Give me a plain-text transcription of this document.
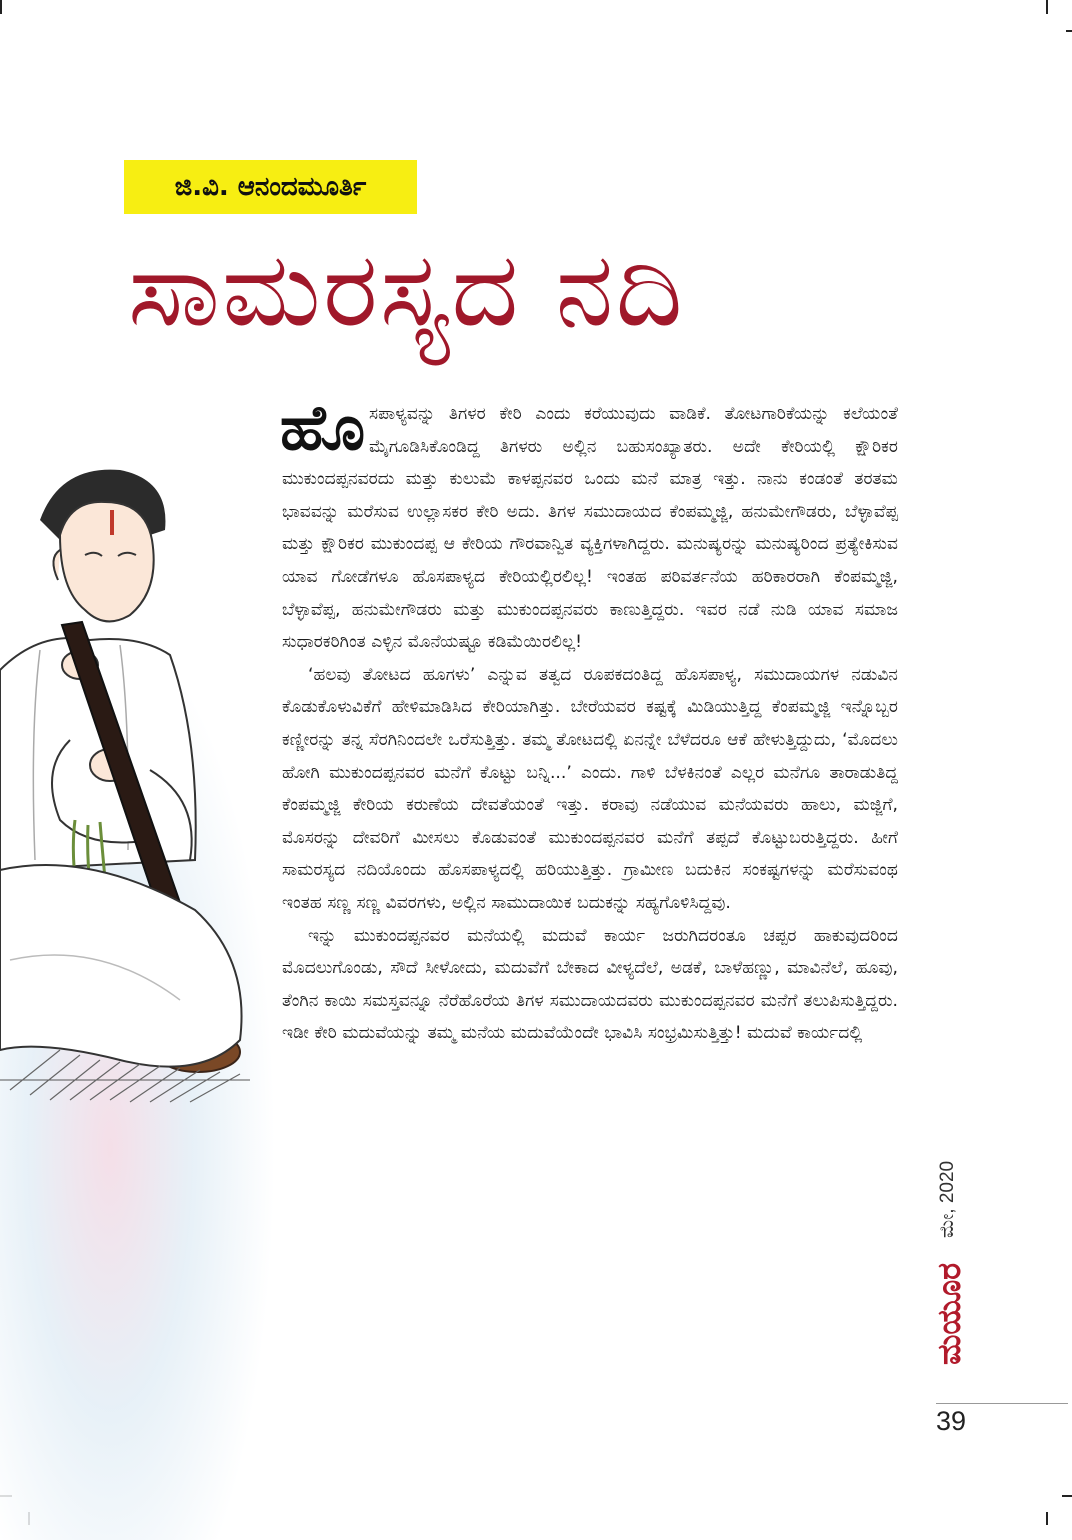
ಜಿ.ವಿ. ಆನಂದಮೂರ್ತಿ
ಸಾಮರಸ್ಯದ ನದಿ

ಹೊಸಪಾಳ್ಯವನ್ನು ತಿಗಳರ ಕೇರಿ ಎಂದು ಕರೆಯುವುದು ವಾಡಿಕೆ. ತೋಟಗಾರಿಕೆಯನ್ನು ಕಲೆಯಂತೆ ಮೈಗೂಡಿಸಿಕೊಂಡಿದ್ದ ತಿಗಳರು ಅಲ್ಲಿನ ಬಹುಸಂಖ್ಯಾತರು. ಅದೇ ಕೇರಿಯಲ್ಲಿ ಕ್ಷೌರಿಕರ ಮುಕುಂದಪ್ಪನವರದು ಮತ್ತು ಕುಲುಮೆ ಕಾಳಪ್ಪನವರ ಒಂದು ಮನೆ ಮಾತ್ರ ಇತ್ತು. ನಾನು ಕಂಡಂತೆ ತರತಮ ಭಾವವನ್ನು ಮರೆಸುವ ಉಲ್ಲಾಸಕರ ಕೇರಿ ಅದು. ತಿಗಳ ಸಮುದಾಯದ ಕೆಂಪಮ್ಮಜ್ಜಿ, ಹನುಮೇಗೌಡರು, ಬೆಳ್ಳಾವೆಪ್ಪ ಮತ್ತು ಕ್ಷೌರಿಕರ ಮುಕುಂದಪ್ಪ ಆ ಕೇರಿಯ ಗೌರವಾನ್ವಿತ ವ್ಯಕ್ತಿಗಳಾಗಿದ್ದರು. ಮನುಷ್ಯರನ್ನು ಮನುಷ್ಯರಿಂದ ಪ್ರತ್ಯೇಕಿಸುವ ಯಾವ ಗೋಡೆಗಳೂ ಹೊಸಪಾಳ್ಯದ ಕೇರಿಯಲ್ಲಿರಲಿಲ್ಲ! ಇಂತಹ ಪರಿವರ್ತನೆಯ ಹರಿಕಾರರಾಗಿ ಕೆಂಪಮ್ಮಜ್ಜಿ, ಬೆಳ್ಳಾವೆಪ್ಪ, ಹನುಮೇಗೌಡರು ಮತ್ತು ಮುಕುಂದಪ್ಪನವರು ಕಾಣುತ್ತಿದ್ದರು. ಇವರ ನಡೆ ನುಡಿ ಯಾವ ಸಮಾಜ ಸುಧಾರಕರಿಗಿಂತ ಎಳ್ಳಿನ ಮೊನೆಯಷ್ಟೂ ಕಡಿಮೆಯಿರಲಿಲ್ಲ!

‘ಹಲವು ತೋಟದ ಹೂಗಳು’ ಎನ್ನುವ ತತ್ವದ ರೂಪಕದಂತಿದ್ದ ಹೊಸಪಾಳ್ಯ, ಸಮುದಾಯಗಳ ನಡುವಿನ ಕೊಡುಕೊಳುವಿಕೆಗೆ ಹೇಳಿಮಾಡಿಸಿದ ಕೇರಿಯಾಗಿತ್ತು. ಬೇರೆಯವರ ಕಷ್ಟಕ್ಕೆ ಮಿಡಿಯುತ್ತಿದ್ದ ಕೆಂಪಮ್ಮಜ್ಜಿ ಇನ್ನೊಬ್ಬರ ಕಣ್ಣೀರನ್ನು ತನ್ನ ಸೆರಗಿನಿಂದಲೇ ಒರೆಸುತ್ತಿತ್ತು. ತಮ್ಮ ತೋಟದಲ್ಲಿ ಏನನ್ನೇ ಬೆಳೆದರೂ ಆಕೆ ಹೇಳುತ್ತಿದ್ದುದು, ‘ಮೊದಲು ಹೋಗಿ ಮುಕುಂದಪ್ಪನವರ ಮನೆಗೆ ಕೊಟ್ಟು ಬನ್ನಿ...’ ಎಂದು. ಗಾಳಿ ಬೆಳಕಿನಂತೆ ಎಲ್ಲರ ಮನೆಗೂ ತಾರಾಡುತಿದ್ದ ಕೆಂಪಮ್ಮಜ್ಜಿ ಕೇರಿಯ ಕರುಣೆಯ ದೇವತೆಯಂತೆ ಇತ್ತು. ಕರಾವು ನಡೆಯುವ ಮನೆಯವರು ಹಾಲು, ಮಜ್ಜಿಗೆ, ಮೊಸರನ್ನು ದೇವರಿಗೆ ಮೀಸಲು ಕೊಡುವಂತೆ ಮುಕುಂದಪ್ಪನವರ ಮನೆಗೆ ತಪ್ಪದೆ ಕೊಟ್ಟುಬರುತ್ತಿದ್ದರು. ಹೀಗೆ ಸಾಮರಸ್ಯದ ನದಿಯೊಂದು ಹೊಸಪಾಳ್ಯದಲ್ಲಿ ಹರಿಯುತ್ತಿತ್ತು. ಗ್ರಾಮೀಣ ಬದುಕಿನ ಸಂಕಷ್ಟಗಳನ್ನು ಮರೆಸುವಂಥ ಇಂತಹ ಸಣ್ಣ ಸಣ್ಣ ವಿವರಗಳು, ಅಲ್ಲಿನ ಸಾಮುದಾಯಿಕ ಬದುಕನ್ನು ಸಹ್ಯಗೊಳಿಸಿದ್ದವು.

ಇನ್ನು ಮುಕುಂದಪ್ಪನವರ ಮನೆಯಲ್ಲಿ ಮದುವೆ ಕಾರ್ಯ ಜರುಗಿದರಂತೂ ಚಪ್ಪರ ಹಾಕುವುದರಿಂದ ಮೊದಲುಗೊಂಡು, ಸೌದೆ ಸೀಳೋದು, ಮದುವೆಗೆ ಬೇಕಾದ ವೀಳ್ಯದೆಲೆ, ಅಡಕೆ, ಬಾಳೆಹಣ್ಣು, ಮಾವಿನೆಲೆ, ಹೂವು, ತೆಂಗಿನ ಕಾಯಿ ಸಮಸ್ತವನ್ನೂ ನೆರೆಹೊರೆಯ ತಿಗಳ ಸಮುದಾಯದವರು ಮುಕುಂದಪ್ಪನವರ ಮನೆಗೆ ತಲುಪಿಸುತ್ತಿದ್ದರು. ಇಡೀ ಕೇರಿ ಮದುವೆಯನ್ನು ತಮ್ಮ ಮನೆಯ ಮದುವೆಯೆಂದೇ ಭಾವಿಸಿ ಸಂಭ್ರಮಿಸುತ್ತಿತ್ತು! ಮದುವೆ ಕಾರ್ಯದಲ್ಲಿ

ಮೇ, 2020
ಮಯೂರ
39
